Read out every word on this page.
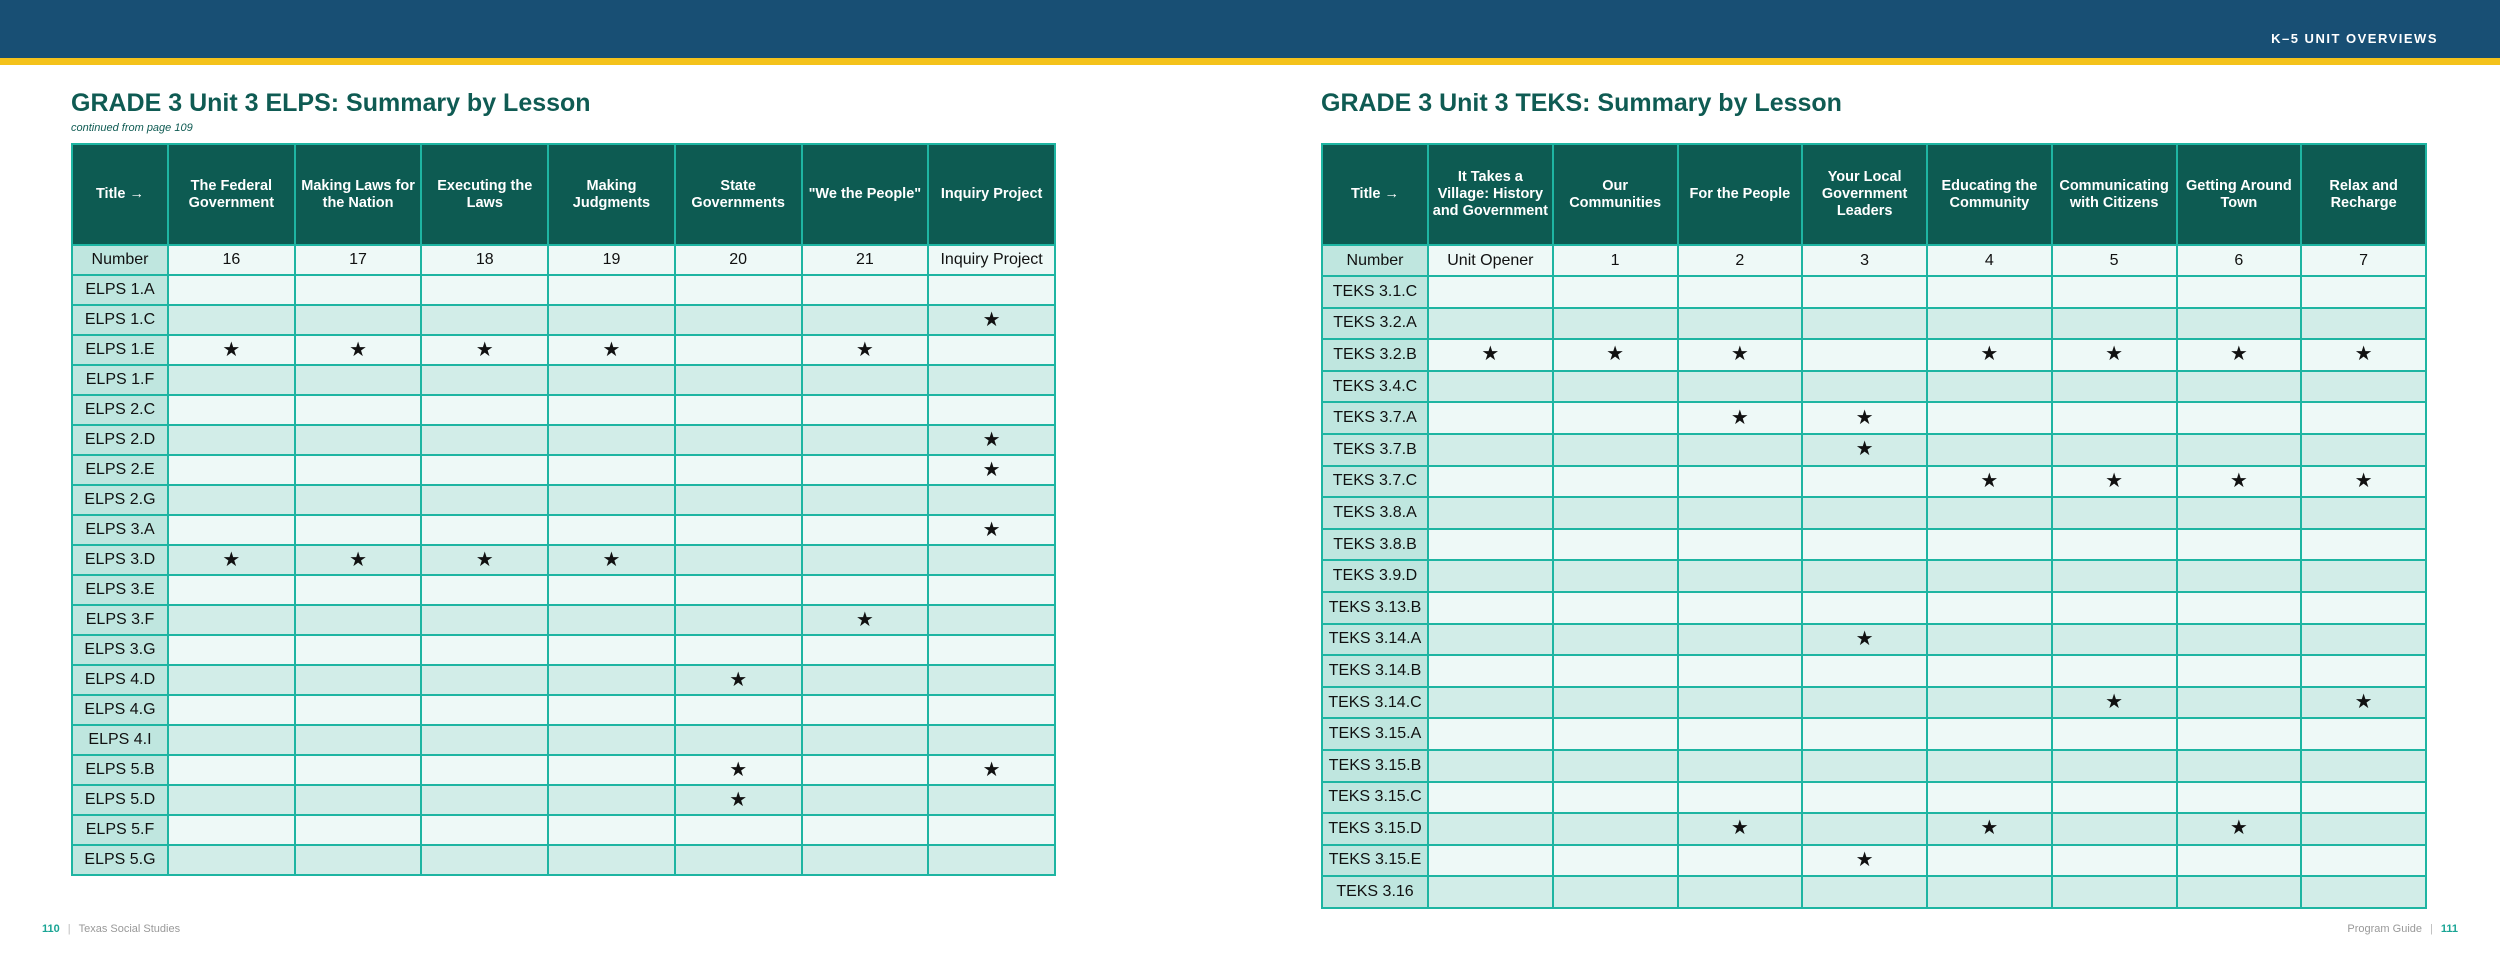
K–5 UNIT OVERVIEWS
GRADE 3 Unit 3 ELPS: Summary by Lesson
continued from page 109
Title →	The Federal Government	Making Laws for the Nation	Executing the Laws	Making Judgments	State Governments	"We the People"	Inquiry Project
Number	16	17	18	19	20	21	Inquiry Project
ELPS 1.A							
ELPS 1.C							★
ELPS 1.E	★	★	★	★		★	
ELPS 1.F							
ELPS 2.C							
ELPS 2.D							★
ELPS 2.E							★
ELPS 2.G							
ELPS 3.A							★
ELPS 3.D	★	★	★	★			
ELPS 3.E							
ELPS 3.F						★	
ELPS 3.G							
ELPS 4.D					★		
ELPS 4.G							
ELPS 4.I							
ELPS 5.B					★		★
ELPS 5.D					★		
ELPS 5.F							
ELPS 5.G							
GRADE 3 Unit 3 TEKS: Summary by Lesson
Title →	It Takes a Village: History and Government	Our Communities	For the People	Your Local Government Leaders	Educating the Community	Communicating with Citizens	Getting Around Town	Relax and Recharge
Number	Unit Opener	1	2	3	4	5	6	7
TEKS 3.1.C								
TEKS 3.2.A								
TEKS 3.2.B	★	★	★		★	★	★	★
TEKS 3.4.C								
TEKS 3.7.A			★	★				
TEKS 3.7.B				★				
TEKS 3.7.C					★	★	★	★
TEKS 3.8.A								
TEKS 3.8.B								
TEKS 3.9.D								
TEKS 3.13.B								
TEKS 3.14.A				★				
TEKS 3.14.B								
TEKS 3.14.C						★		★
TEKS 3.15.A								
TEKS 3.15.B								
TEKS 3.15.C								
TEKS 3.15.D			★		★		★	
TEKS 3.15.E				★				
TEKS 3.16								
110 | Texas Social Studies	Program Guide | 111
